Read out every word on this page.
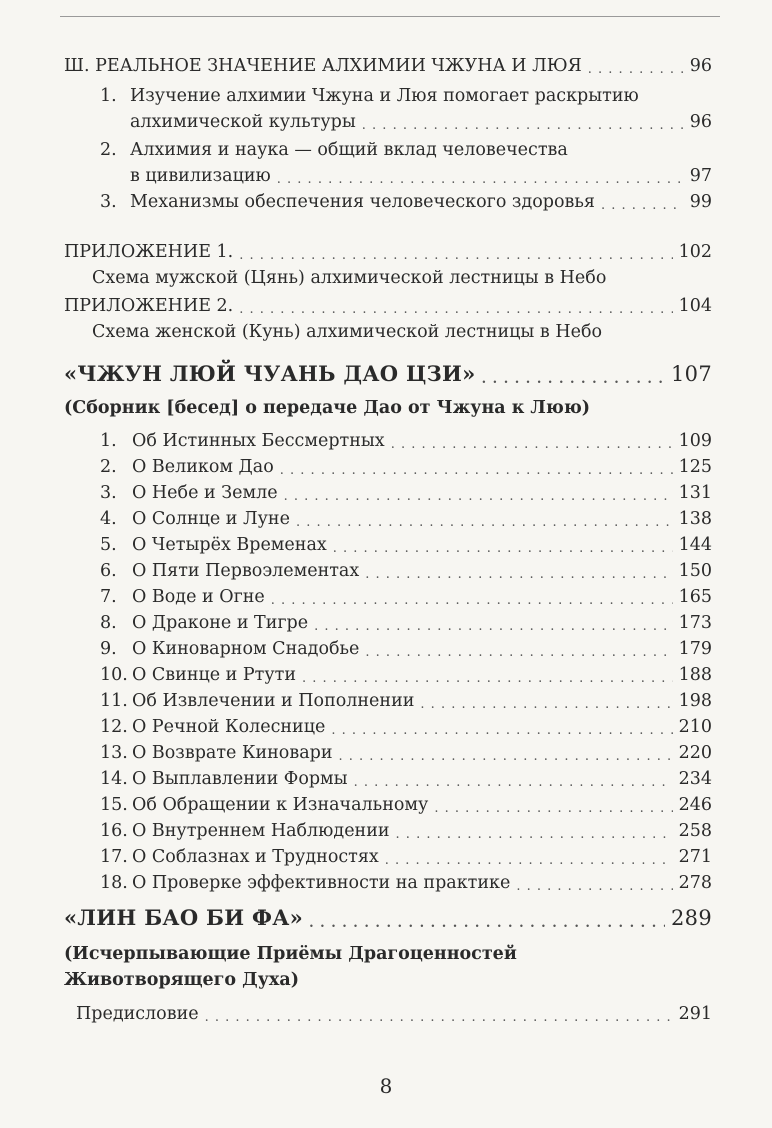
Ш. РЕАЛЬНОЕ ЗНАЧЕНИЕ АЛХИМИИ ЧЖУНА И ЛЮЯ . . .	96
1. Изучение алхимии Чжуна и Люя помогает раскрытию
алхимической культуры . . .	96
2. Алхимия и наука — общий вклад человечества
в цивилизацию . . .	97
3. Механизмы обеспечения человеческого здоровья . . .	99
ПРИЛОЖЕНИЕ 1. . . .	102
Схема мужской (Цянь) алхимической лестницы в Небо
ПРИЛОЖЕНИЕ 2. . . .	104
Схема женской (Кунь) алхимической лестницы в Небо
«ЧЖУН ЛЮЙ ЧУАНЬ ДАО ЦЗИ» . . .	107
(Сборник [бесед] о передаче Дао от Чжуна к Люю)
1. Об Истинных Бессмертных . . .	109
2. О Великом Дао . . .	125
3. О Небе и Земле . . .	131
4. О Солнце и Луне . . .	138
5. О Четырёх Временах . . .	144
6. О Пяти Первоэлементах . . .	150
7. О Воде и Огне . . .	165
8. О Драконе и Тигре . . .	173
9. О Киноварном Снадобье . . .	179
10. О Свинце и Ртути . . .	188
11. Об Извлечении и Пополнении . . .	198
12. О Речной Колеснице . . .	210
13. О Возврате Киновари . . .	220
14. О Выплавлении Формы . . .	234
15. Об Обращении к Изначальному . . .	246
16. О Внутреннем Наблюдении . . .	258
17. О Соблазнах и Трудностях . . .	271
18. О Проверке эффективности на практике . . .	278
«ЛИН БАО БИ ФА» . . .	289
(Исчерпывающие Приёмы Драгоценностей
Животворящего Духа)
Предисловие . . .	291
8
